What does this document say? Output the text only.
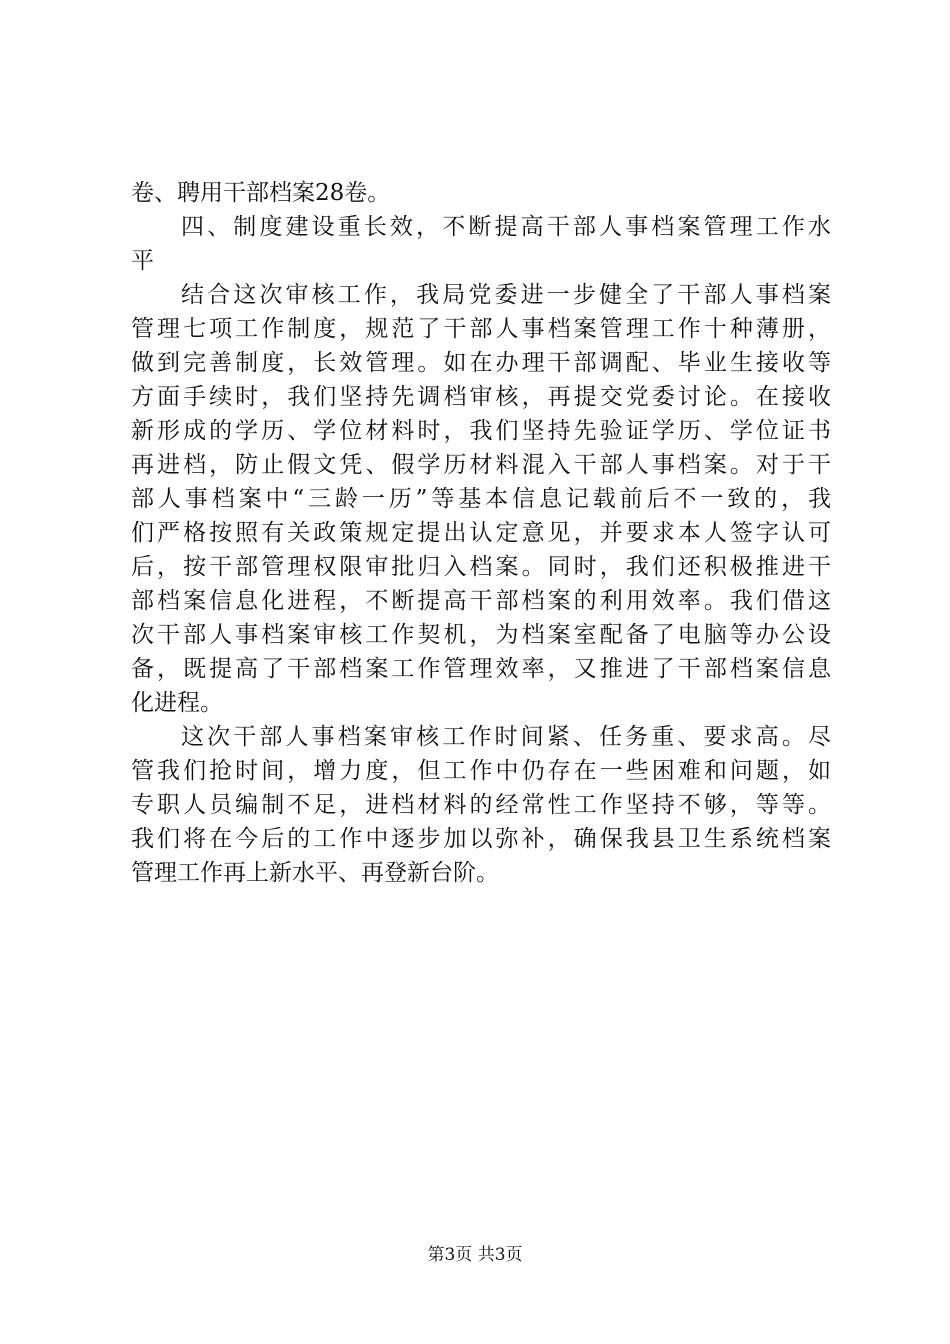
卷、聘用干部档案28卷。
四、制度建设重长效，不断提高干部人事档案管理工作水
平
结合这次审核工作，我局党委进一步健全了干部人事档案
管理七项工作制度，规范了干部人事档案管理工作十种薄册，
做到完善制度，长效管理。如在办理干部调配、毕业生接收等
方面手续时，我们坚持先调档审核，再提交党委讨论。在接收
新形成的学历、学位材料时，我们坚持先验证学历、学位证书
再进档，防止假文凭、假学历材料混入干部人事档案。对于干
部人事档案中“三龄一历”等基本信息记载前后不一致的，我
们严格按照有关政策规定提出认定意见，并要求本人签字认可
后，按干部管理权限审批归入档案。同时，我们还积极推进干
部档案信息化进程，不断提高干部档案的利用效率。我们借这
次干部人事档案审核工作契机，为档案室配备了电脑等办公设
备，既提高了干部档案工作管理效率，又推进了干部档案信息
化进程。
这次干部人事档案审核工作时间紧、任务重、要求高。尽
管我们抢时间，增力度，但工作中仍存在一些困难和问题，如
专职人员编制不足，进档材料的经常性工作坚持不够，等等。
我们将在今后的工作中逐步加以弥补，确保我县卫生系统档案
管理工作再上新水平、再登新台阶。
第3页 共3页
